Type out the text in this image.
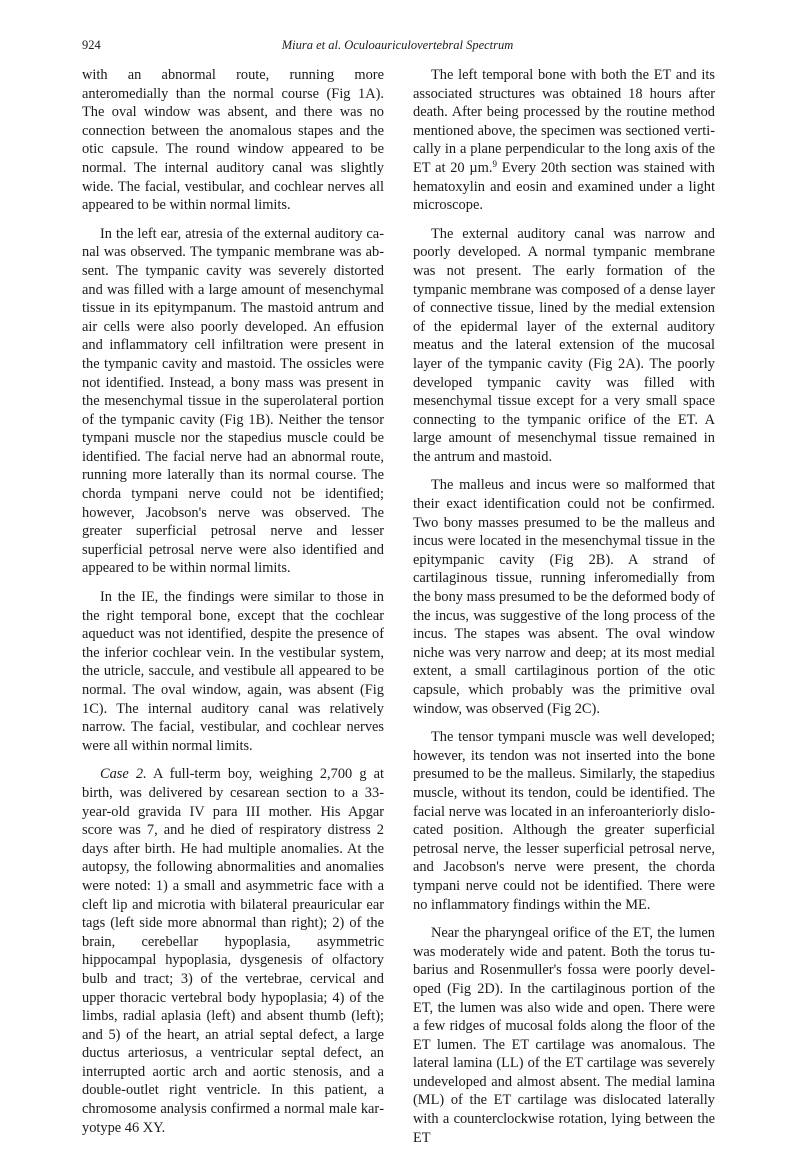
924	Miura et al. Oculoauriculovertebral Spectrum

with an abnormal route, running more anteromedially than the normal course (Fig 1A). The oval window was absent, and there was no connection between the anomalous stapes and the otic capsule. The round window appeared to be normal. The internal auditory canal was slightly wide. The facial, vestibular, and cochlear nerves all appeared to be within normal limits.

In the left ear, atresia of the external auditory canal was observed. The tympanic membrane was absent. The tympanic cavity was severely distorted and was filled with a large amount of mesenchymal tissue in its epitympanum. The mastoid antrum and air cells were also poorly developed. An effusion and inflammatory cell infiltration were present in the tympanic cavity and mastoid. The ossicles were not identified. Instead, a bony mass was present in the mesenchymal tissue in the superolateral portion of the tympanic cavity (Fig 1B). Neither the tensor tympani muscle nor the stapedius muscle could be identified. The facial nerve had an abnormal route, running more laterally than its normal course. The chorda tympani nerve could not be identified; however, Jacobson's nerve was observed. The greater superficial petrosal nerve and lesser superficial petrosal nerve were also identified and appeared to be within normal limits.

In the IE, the findings were similar to those in the right temporal bone, except that the cochlear aqueduct was not identified, despite the presence of the inferior cochlear vein. In the vestibular system, the utricle, saccule, and vestibule all appeared to be normal. The oval window, again, was absent (Fig 1C). The internal auditory canal was relatively narrow. The facial, vestibular, and cochlear nerves were all within normal limits.

Case 2. A full-term boy, weighing 2,700 g at birth, was delivered by cesarean section to a 33-year-old gravida IV para III mother. His Apgar score was 7, and he died of respiratory distress 2 days after birth. He had multiple anomalies. At the autopsy, the following abnormalities and anomalies were noted: 1) a small and asymmetric face with a cleft lip and microtia with bilateral preauricular ear tags (left side more abnormal than right); 2) of the brain, cerebellar hypoplasia, asymmetric hippocampal hypoplasia, dysgenesis of olfactory bulb and tract; 3) of the vertebrae, cervical and upper thoracic vertebral body hypoplasia; 4) of the limbs, radial aplasia (left) and absent thumb (left); and 5) of the heart, an atrial septal defect, a large ductus arteriosus, a ventricular septal defect, an interrupted aortic arch and aortic stenosis, and a double-outlet right ventricle. In this patient, a chromosome analysis confirmed a normal male karyotype 46 XY.

The left temporal bone with both the ET and its associated structures was obtained 18 hours after death. After being processed by the routine method mentioned above, the specimen was sectioned vertically in a plane perpendicular to the long axis of the ET at 20 µm.$^9$ Every 20th section was stained with hematoxylin and eosin and examined under a light microscope.

The external auditory canal was narrow and poorly developed. A normal tympanic membrane was not present. The early formation of the tympanic membrane was composed of a dense layer of connective tissue, lined by the medial extension of the epidermal layer of the external auditory meatus and the lateral extension of the mucosal layer of the tympanic cavity (Fig 2A). The poorly developed tympanic cavity was filled with mesenchymal tissue except for a very small space connecting to the tympanic orifice of the ET. A large amount of mesenchymal tissue remained in the antrum and mastoid.

The malleus and incus were so malformed that their exact identification could not be confirmed. Two bony masses presumed to be the malleus and incus were located in the mesenchymal tissue in the epitympanic cavity (Fig 2B). A strand of cartilaginous tissue, running inferomedially from the bony mass presumed to be the deformed body of the incus, was suggestive of the long process of the incus. The stapes was absent. The oval window niche was very narrow and deep; at its most medial extent, a small cartilaginous portion of the otic capsule, which probably was the primitive oval window, was observed (Fig 2C).

The tensor tympani muscle was well developed; however, its tendon was not inserted into the bone presumed to be the malleus. Similarly, the stapedius muscle, without its tendon, could be identified. The facial nerve was located in an inferoanteriorly dislocated position. Although the greater superficial petrosal nerve, the lesser superficial petrosal nerve, and Jacobson's nerve were present, the chorda tympani nerve could not be identified. There were no inflammatory findings within the ME.

Near the pharyngeal orifice of the ET, the lumen was moderately wide and patent. Both the torus tubarius and Rosenmuller's fossa were poorly developed (Fig 2D). In the cartilaginous portion of the ET, the lumen was also wide and open. There were a few ridges of mucosal folds along the floor of the ET lumen. The ET cartilage was anomalous. The lateral lamina (LL) of the ET cartilage was severely undeveloped and almost absent. The medial lamina (ML) of the ET cartilage was dislocated laterally with a counterclockwise rotation, lying between the ET
